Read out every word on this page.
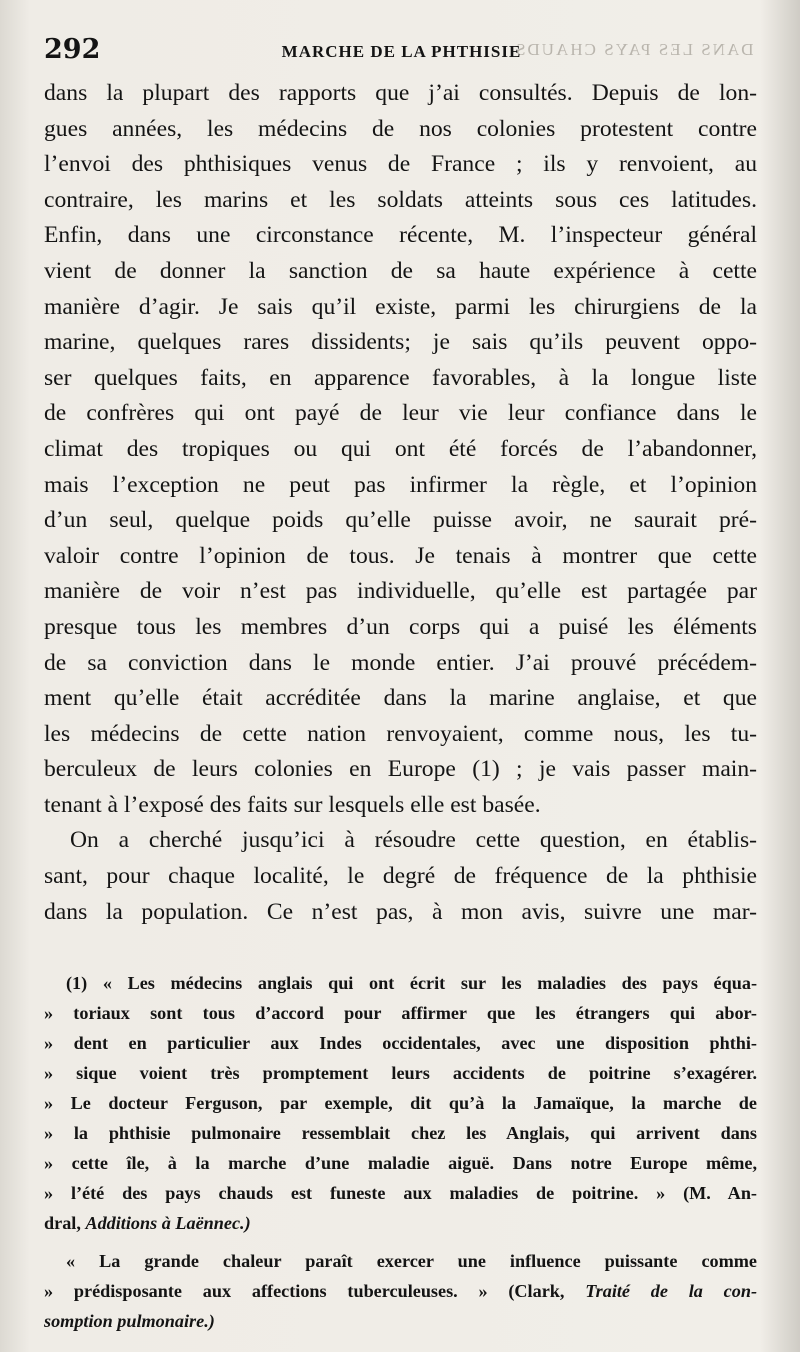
DANS LES PAYS CHAUDS
292	MARCHE DE LA PHTHISIE
dans la plupart des rapports que j’ai consultés. Depuis de lon-
gues années, les médecins de nos colonies protestent contre
l’envoi des phthisiques venus de France ; ils y renvoient, au
contraire, les marins et les soldats atteints sous ces latitudes.
Enfin, dans une circonstance récente, M. l’inspecteur général
vient de donner la sanction de sa haute expérience à cette
manière d’agir. Je sais qu’il existe, parmi les chirurgiens de la
marine, quelques rares dissidents; je sais qu’ils peuvent oppo-
ser quelques faits, en apparence favorables, à la longue liste
de confrères qui ont payé de leur vie leur confiance dans le
climat des tropiques ou qui ont été forcés de l’abandonner,
mais l’exception ne peut pas infirmer la règle, et l’opinion
d’un seul, quelque poids qu’elle puisse avoir, ne saurait pré-
valoir contre l’opinion de tous. Je tenais à montrer que cette
manière de voir n’est pas individuelle, qu’elle est partagée par
presque tous les membres d’un corps qui a puisé les éléments
de sa conviction dans le monde entier. J’ai prouvé précédem-
ment qu’elle était accréditée dans la marine anglaise, et que
les médecins de cette nation renvoyaient, comme nous, les tu-
berculeux de leurs colonies en Europe (1) ; je vais passer main-
tenant à l’exposé des faits sur lesquels elle est basée.
On a cherché jusqu’ici à résoudre cette question, en établis-
sant, pour chaque localité, le degré de fréquence de la phthisie
dans la population. Ce n’est pas, à mon avis, suivre une mar-
(1) « Les médecins anglais qui ont écrit sur les maladies des pays équa-
» toriaux sont tous d’accord pour affirmer que les étrangers qui abor-
» dent en particulier aux Indes occidentales, avec une disposition phthi-
» sique voient très promptement leurs accidents de poitrine s’exagérer.
» Le docteur Ferguson, par exemple, dit qu’à la Jamaïque, la marche de
» la phthisie pulmonaire ressemblait chez les Anglais, qui arrivent dans
» cette île, à la marche d’une maladie aiguë. Dans notre Europe même,
» l’été des pays chauds est funeste aux maladies de poitrine. » (M. An-
dral, Additions à Laënnec.)
« La grande chaleur paraît exercer une influence puissante comme
» prédisposante aux affections tuberculeuses. » (Clark, Traité de la con-
somption pulmonaire.)
